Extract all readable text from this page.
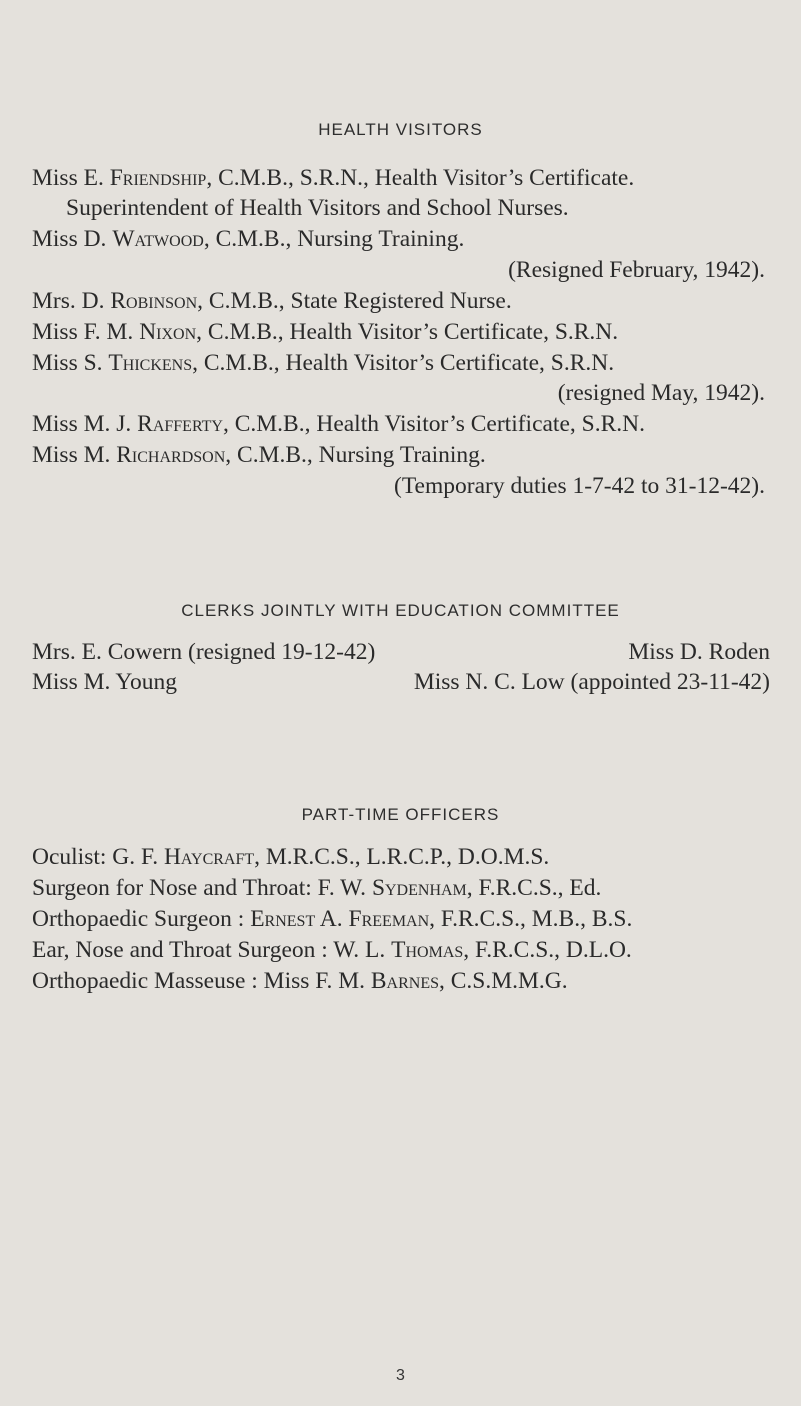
HEALTH VISITORS
Miss E. Friendship, C.M.B., S.R.N., Health Visitor’s Certificate.
Superintendent of Health Visitors and School Nurses.
Miss D. Watwood, C.M.B., Nursing Training.
(Resigned February, 1942).
Mrs. D. Robinson, C.M.B., State Registered Nurse.
Miss F. M. Nixon, C.M.B., Health Visitor’s Certificate, S.R.N.
Miss S. Thickens, C.M.B., Health Visitor’s Certificate, S.R.N.
(resigned May, 1942).
Miss M. J. Rafferty, C.M.B., Health Visitor’s Certificate, S.R.N.
Miss M. Richardson, C.M.B., Nursing Training.
(Temporary duties 1-7-42 to 31-12-42).
CLERKS JOINTLY WITH EDUCATION COMMITTEE
Mrs. E. Cowern (resigned 19-12-42)	Miss D. Roden
Miss M. Young	Miss N. C. Low (appointed 23-11-42)
PART-TIME OFFICERS
Oculist: G. F. Haycraft, M.R.C.S., L.R.C.P., D.O.M.S.
Surgeon for Nose and Throat: F. W. Sydenham, F.R.C.S., Ed.
Orthopaedic Surgeon : Ernest A. Freeman, F.R.C.S., M.B., B.S.
Ear, Nose and Throat Surgeon : W. L. Thomas, F.R.C.S., D.L.O.
Orthopaedic Masseuse : Miss F. M. Barnes, C.S.M.M.G.
3
